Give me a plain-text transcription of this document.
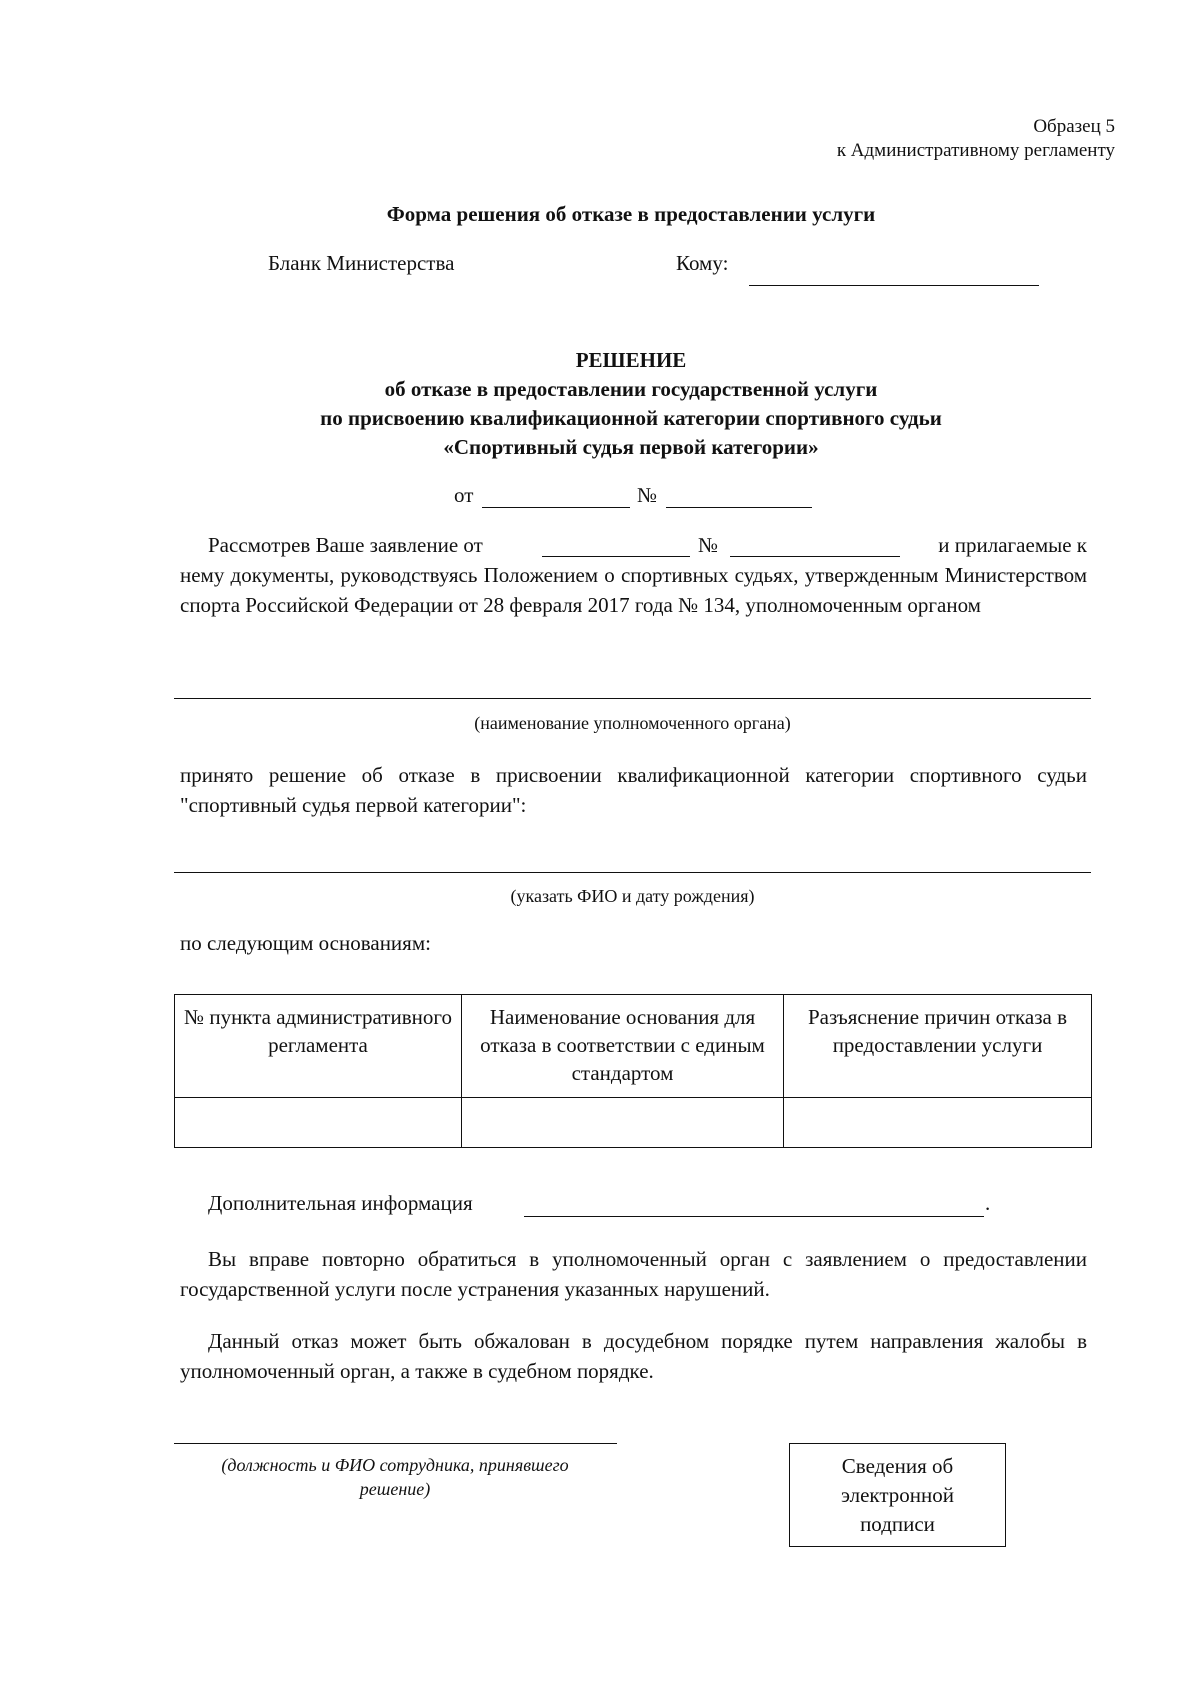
Образец 5
к Административному регламенту
Форма решения об отказе в предоставлении услуги
Бланк Министерства	Кому:
РЕШЕНИЕ
об отказе в предоставлении государственной услуги
по присвоению квалификационной категории спортивного судьи
«Спортивный судья первой категории»
от	№
Рассмотрев Ваше заявление от	№	и прилагаемые к
нему документы, руководствуясь Положением о спортивных судьях, утвержденным Министерством спорта Российской Федерации от 28 февраля 2017 года № 134, уполномоченным органом
(наименование уполномоченного органа)
принято решение об отказе в присвоении квалификационной категории спортивного судьи "спортивный судья первой категории":
(указать ФИО и дату рождения)
по следующим основаниям:
№ пункта административного регламента	Наименование основания для отказа в соответствии с единым стандартом	Разъяснение причин отказа в предоставлении услуги

Дополнительная информация	.
Вы вправе повторно обратиться в уполномоченный орган с заявлением о предоставлении государственной услуги после устранения указанных нарушений.
Данный отказ может быть обжалован в досудебном порядке путем направления жалобы в уполномоченный орган, а также в судебном порядке.
(должность и ФИО сотрудника, принявшего решение)
Сведения об электронной подписи
